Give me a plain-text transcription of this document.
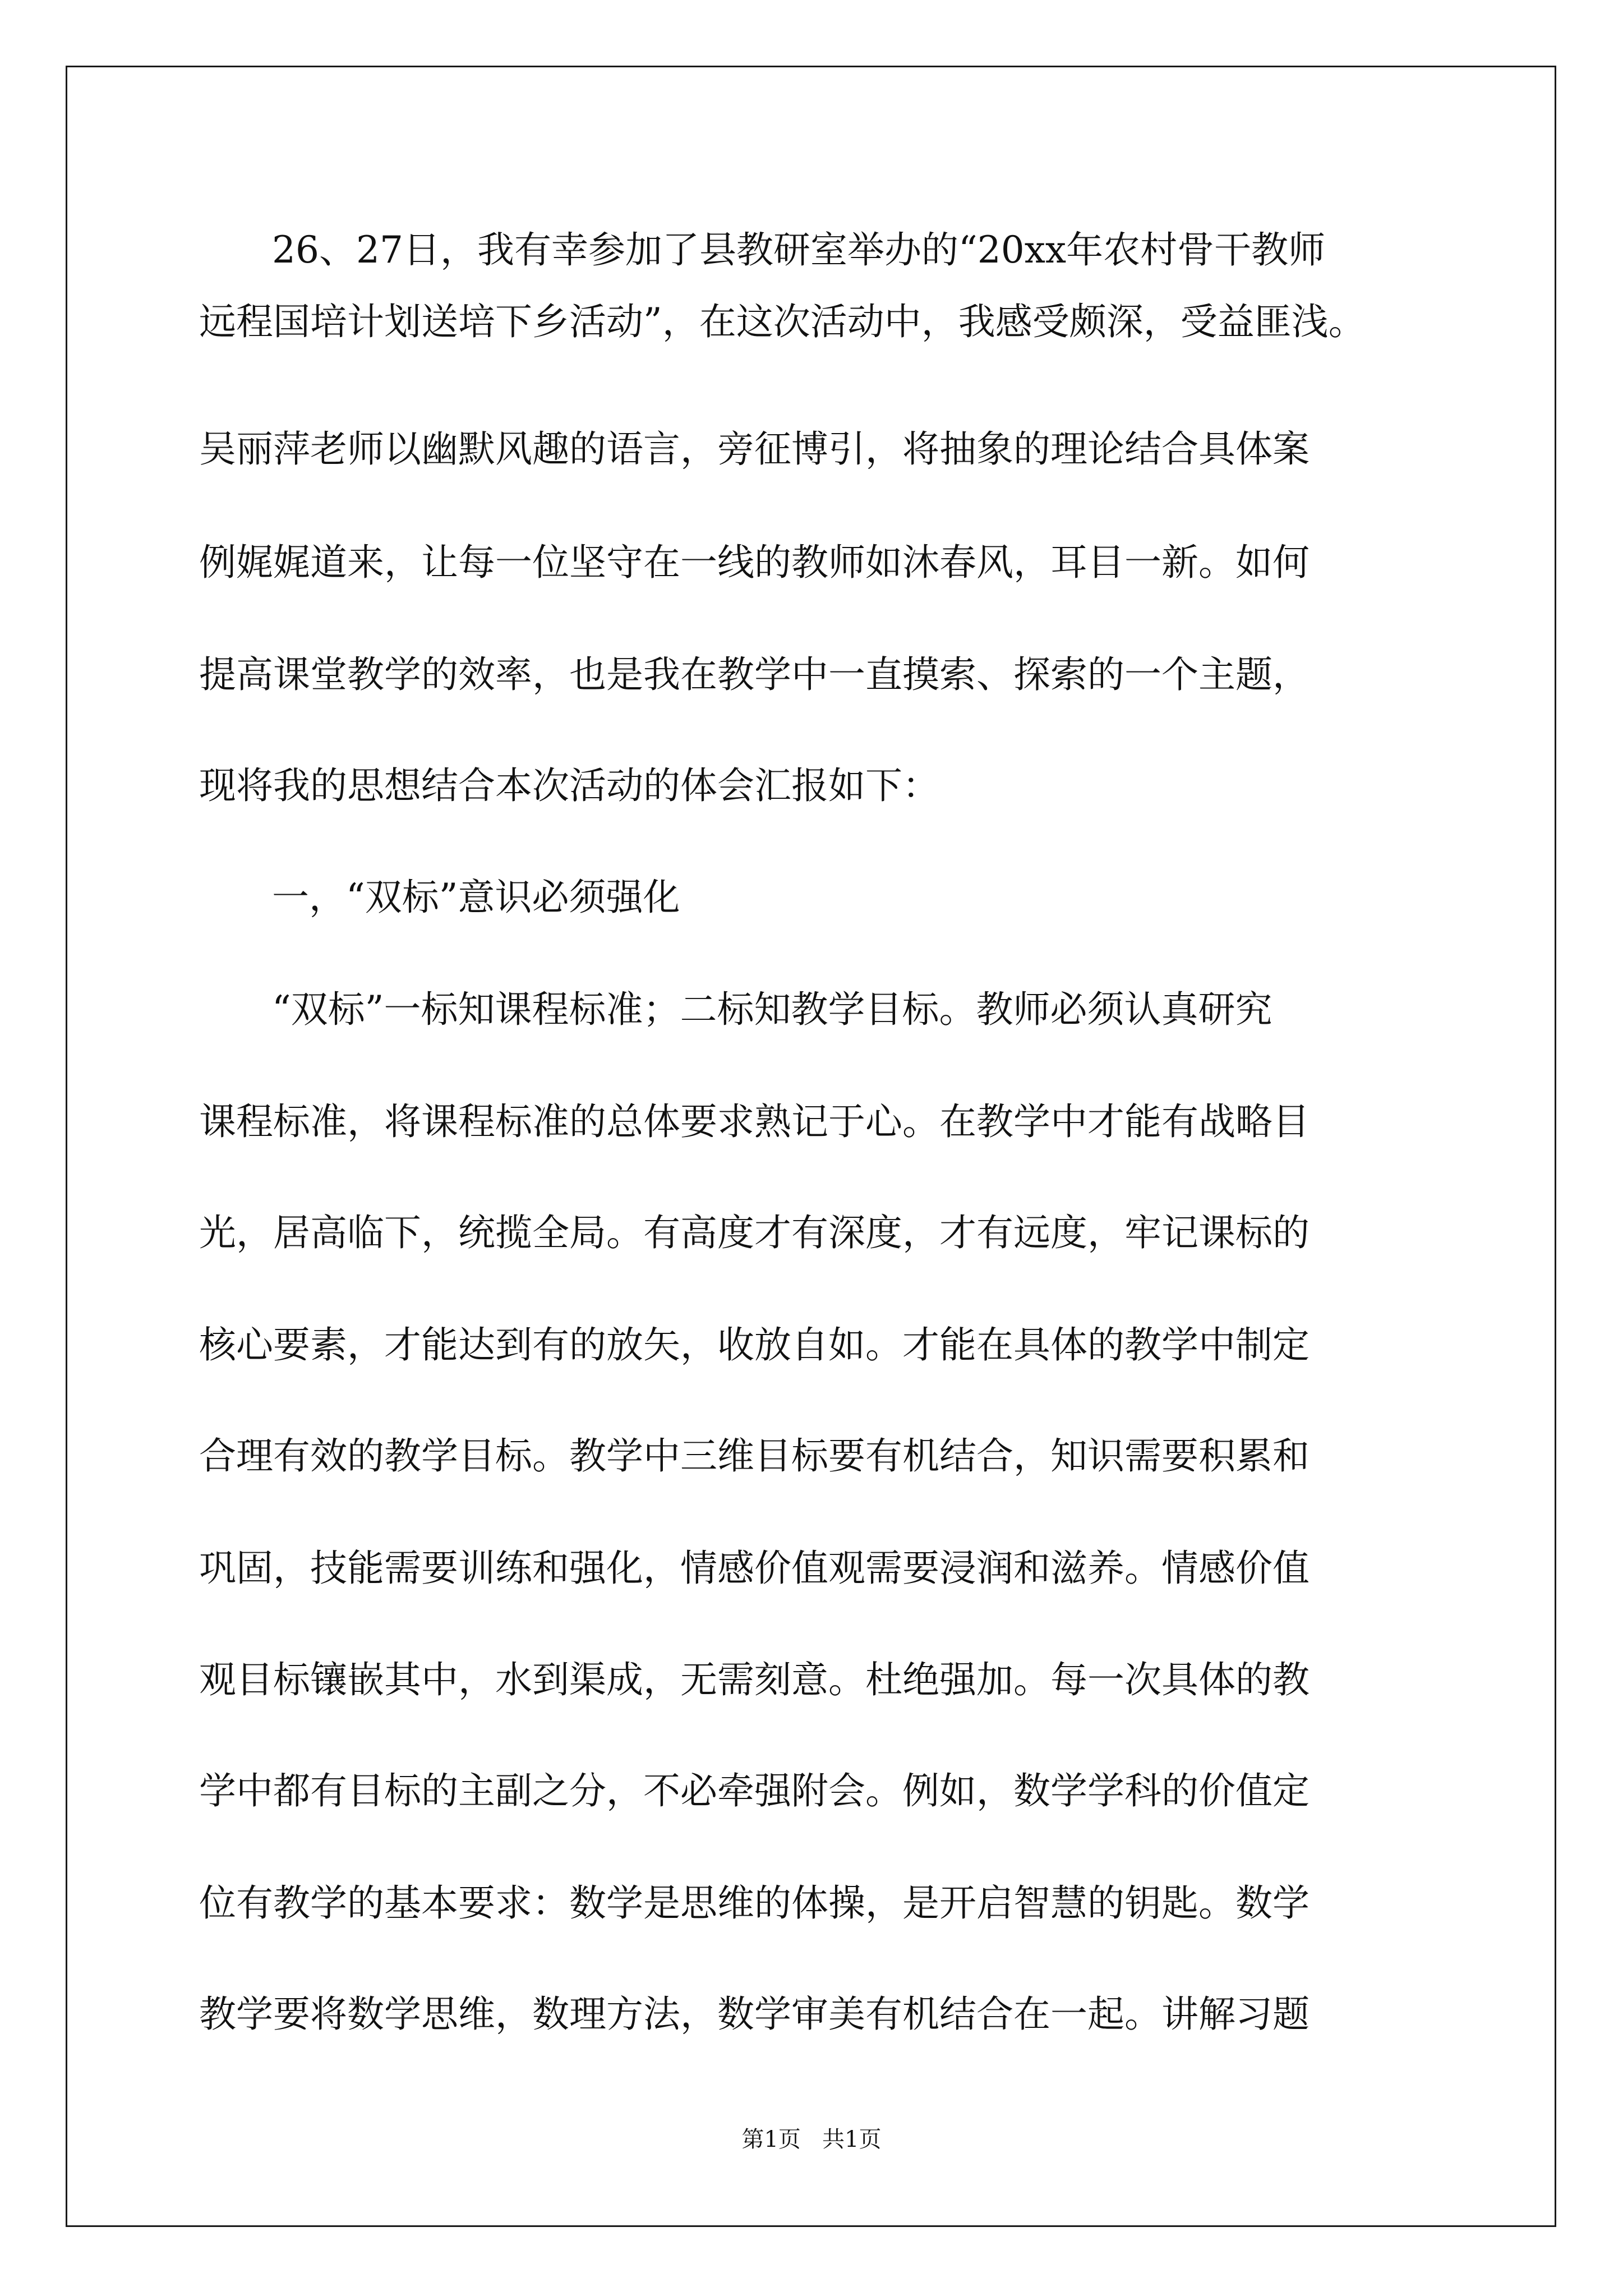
26、27日，我有幸参加了县教研室举办的“20xx年农村骨干教师

远程国培计划送培下乡活动”，在这次活动中，我感受颇深，受益匪浅。

吴丽萍老师以幽默风趣的语言，旁征博引，将抽象的理论结合具体案

例娓娓道来，让每一位坚守在一线的教师如沐春风，耳目一新。如何

提高课堂教学的效率，也是我在教学中一直摸索、探索的一个主题，

现将我的思想结合本次活动的体会汇报如下：

一，“双标”意识必须强化

“双标”一标知课程标准；二标知教学目标。教师必须认真研究

课程标准，将课程标准的总体要求熟记于心。在教学中才能有战略目

光，居高临下，统揽全局。有高度才有深度，才有远度，牢记课标的

核心要素，才能达到有的放矢，收放自如。才能在具体的教学中制定

合理有效的教学目标。教学中三维目标要有机结合，知识需要积累和

巩固，技能需要训练和强化，情感价值观需要浸润和滋养。情感价值

观目标镶嵌其中，水到渠成，无需刻意。杜绝强加。每一次具体的教

学中都有目标的主副之分，不必牵强附会。例如，数学学科的价值定

位有教学的基本要求：数学是思维的体操，是开启智慧的钥匙。数学

教学要将数学思维，数理方法，数学审美有机结合在一起。讲解习题

第1页   共1页
